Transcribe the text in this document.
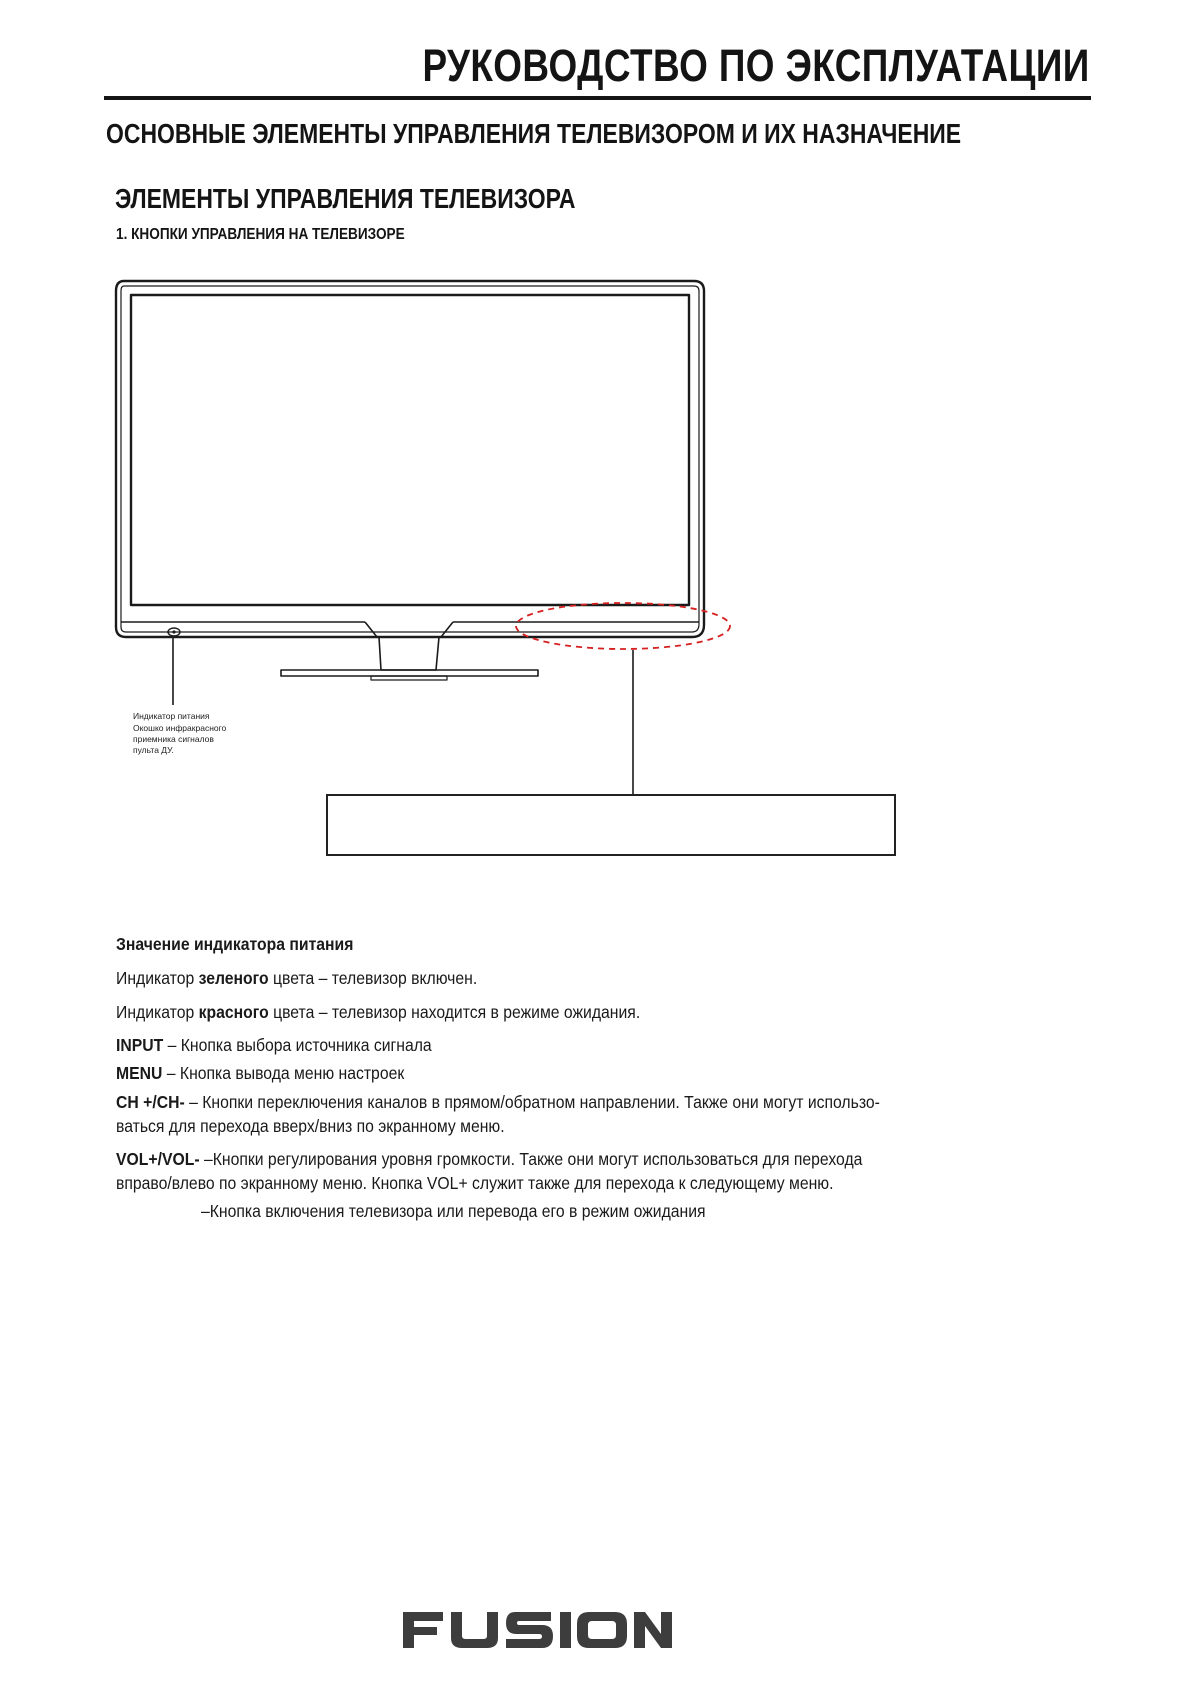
РУКОВОДСТВО ПО ЭКСПЛУАТАЦИИ
ОСНОВНЫЕ ЭЛЕМЕНТЫ УПРАВЛЕНИЯ ТЕЛЕВИЗОРОМ И ИХ НАЗНАЧЕНИЕ
ЭЛЕМЕНТЫ УПРАВЛЕНИЯ ТЕЛЕВИЗОРА
1. КНОПКИ УПРАВЛЕНИЯ НА ТЕЛЕВИЗОРЕ
Индикатор питания
Окошко инфракрасного
приемника сигналов
пульта ДУ.
Значение индикатора питания
Индикатор зеленого цвета – телевизор включен.
Индикатор красного цвета – телевизор находится в режиме ожидания.
INPUT – Кнопка выбора источника сигнала
MENU – Кнопка вывода меню настроек
CH +/CH- – Кнопки переключения каналов в прямом/обратном направлении. Также они могут использо-
ваться для перехода вверх/вниз по экранному меню.
VOL+/VOL- –Кнопки регулирования уровня громкости. Также они могут использоваться для перехода
вправо/влево по экранному меню. Кнопка VOL+ служит также для перехода к следующему меню.
–Кнопка включения телевизора или перевода его в режим ожидания
